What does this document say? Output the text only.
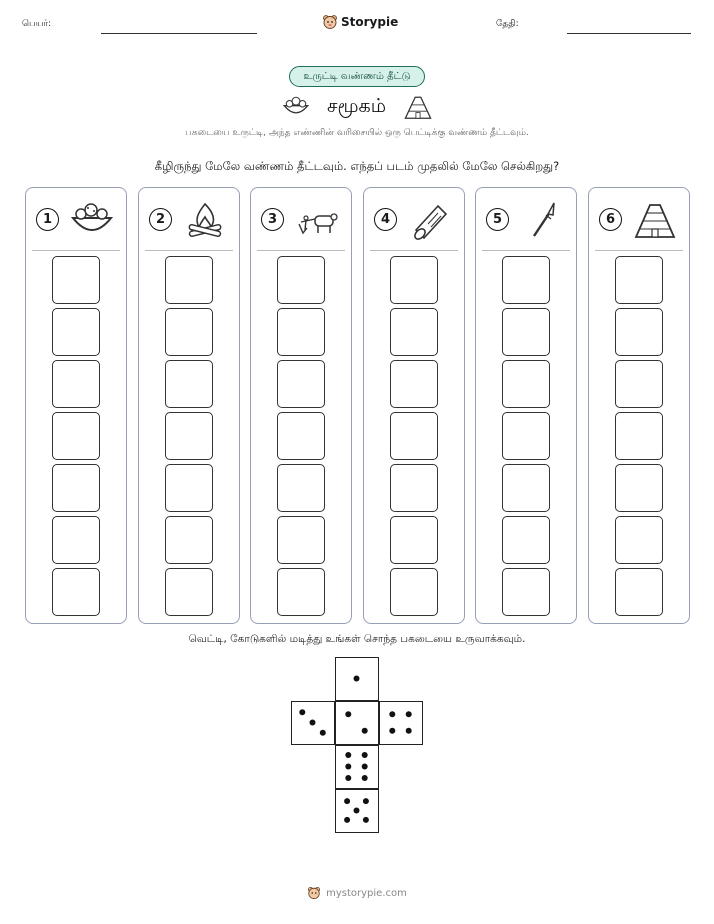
பெயர்:	Storypie	தேதி:
உருட்டி வண்ணம் தீட்டு
சமூகம்
பகடையை உருட்டி, அந்த எண்ணின் வரிசையில் ஒரு பெட்டிக்கு வண்ணம் தீட்டவும்.
கீழிருந்து மேலே வண்ணம் தீட்டவும். எந்தப் படம் முதலில் மேலே செல்கிறது?
1	2	3	4	5	6
வெட்டி, கோடுகளில் மடித்து உங்கள் சொந்த பகடையை உருவாக்கவும்.
mystorypie.com
